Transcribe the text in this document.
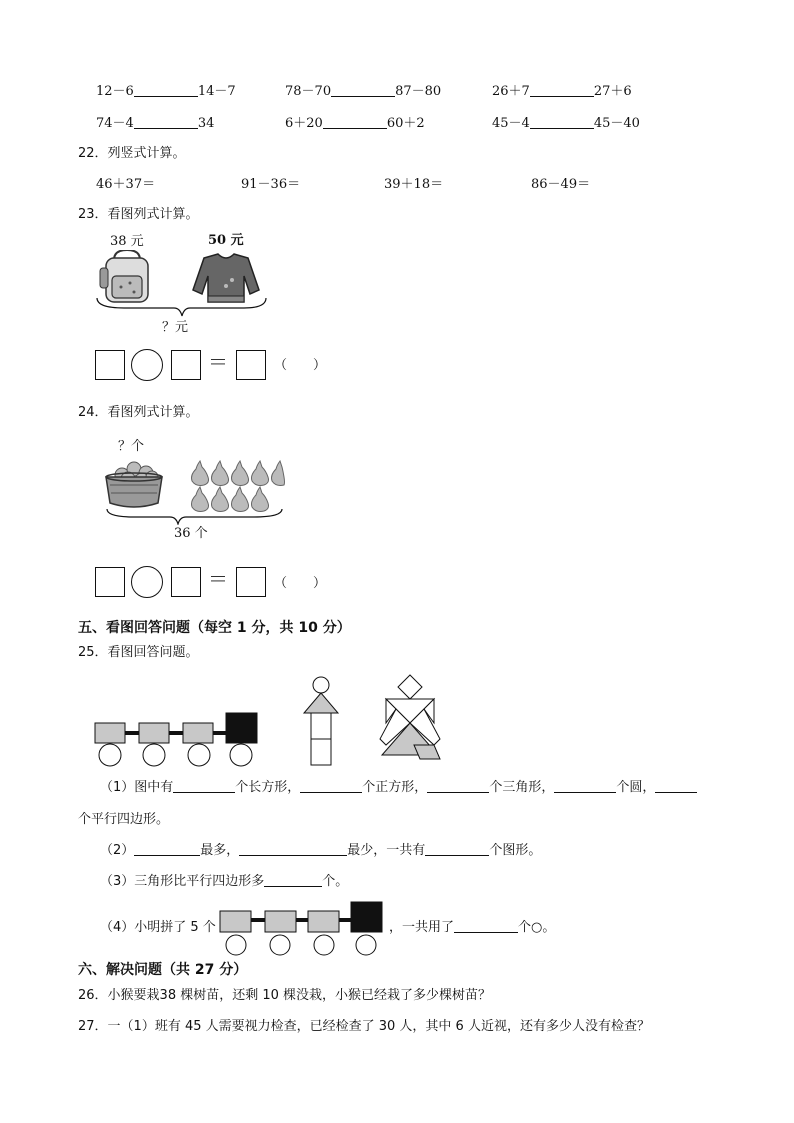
12－6	14－7	78－70	87－80	26＋7	27＋6
74－4	34	6＋20	60＋2	45－4	45－40
22．列竖式计算。
46＋37＝	91－36＝	39＋18＝	86－49＝
23．看图列式计算。
38 元	50 元
？元
＝	（　　）
24．看图列式计算。
？个
36 个
＝	（　　）
五、看图回答问题（每空 1 分，共 10 分）
25．看图回答问题。
（1）图中有	个长方形，	个正方形，	个三角形，	个圆，
个平行四边形。
（2）	最多，	最少，一共有	个图形。
（3）三角形比平行四边形多	个。
（4）小明拼了 5 个	，一共用了	个○。
六、解决问题（共 27 分）
26．小猴要栽38 棵树苗，还剩 10 棵没栽，小猴已经栽了多少棵树苗？
27．一（1）班有 45 人需要视力检查，已经检查了 30 人，其中 6 人近视，还有多少人没有检查？
